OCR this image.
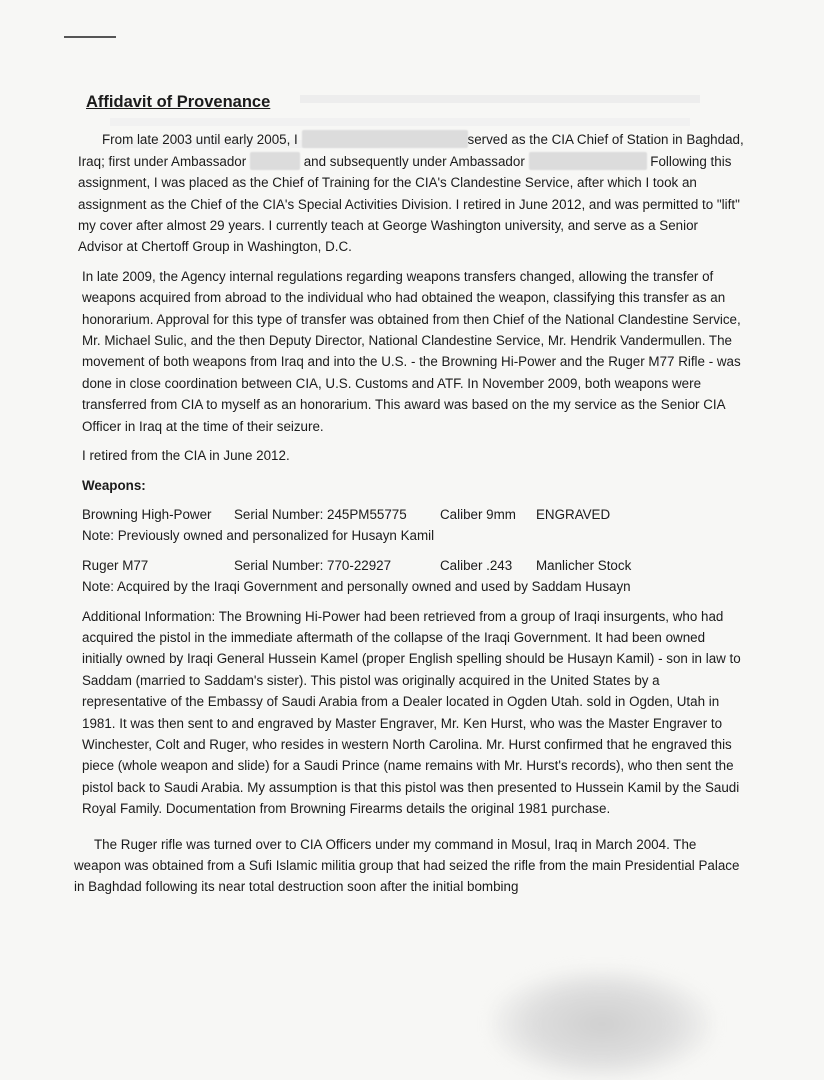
Affidavit of Provenance

From late 2003 until early 2005, I	served as the CIA Chief of Station in Baghdad, Iraq; first under Ambassador	and subsequently under Ambassador	Following this assignment, I was placed as the Chief of Training for the CIA's Clandestine Service, after which I took an assignment as the Chief of the CIA's Special Activities Division. I retired in June 2012, and was permitted to "lift" my cover after almost 29 years. I currently teach at George Washington university, and serve as a Senior Advisor at Chertoff Group in Washington, D.C.

In late 2009, the Agency internal regulations regarding weapons transfers changed, allowing the transfer of weapons acquired from abroad to the individual who had obtained the weapon, classifying this transfer as an honorarium. Approval for this type of transfer was obtained from then Chief of the National Clandestine Service, Mr. Michael Sulic, and the then Deputy Director, National Clandestine Service, Mr. Hendrik Vandermullen. The movement of both weapons from Iraq and into the U.S. - the Browning Hi-Power and the Ruger M77 Rifle - was done in close coordination between CIA, U.S. Customs and ATF. In November 2009, both weapons were transferred from CIA to myself as an honorarium. This award was based on the my service as the Senior CIA Officer in Iraq at the time of their seizure.

I retired from the CIA in June 2012.

Weapons:

Browning High-Power	Serial Number: 245PM55775	Caliber 9mm	ENGRAVED
Note: Previously owned and personalized for Husayn Kamil
Ruger M77	Serial Number: 770-22927	Caliber .243	Manlicher Stock
Note: Acquired by the Iraqi Government and personally owned and used by Saddam Husayn

Additional Information: The Browning Hi-Power had been retrieved from a group of Iraqi insurgents, who had acquired the pistol in the immediate aftermath of the collapse of the Iraqi Government. It had been owned initially owned by Iraqi General Hussein Kamel (proper English spelling should be Husayn Kamil) - son in law to Saddam (married to Saddam's sister). This pistol was originally acquired in the United States by a representative of the Embassy of Saudi Arabia from a Dealer located in Ogden Utah. sold in Ogden, Utah in 1981. It was then sent to and engraved by Master Engraver, Mr. Ken Hurst, who was the Master Engraver to Winchester, Colt and Ruger, who resides in western North Carolina. Mr. Hurst confirmed that he engraved this piece (whole weapon and slide) for a Saudi Prince (name remains with Mr. Hurst's records), who then sent the pistol back to Saudi Arabia. My assumption is that this pistol was then presented to Hussein Kamil by the Saudi Royal Family. Documentation from Browning Firearms details the original 1981 purchase.

The Ruger rifle was turned over to CIA Officers under my command in Mosul, Iraq in March 2004. The weapon was obtained from a Sufi Islamic militia group that had seized the rifle from the main Presidential Palace in Baghdad following its near total destruction soon after the initial bombing
